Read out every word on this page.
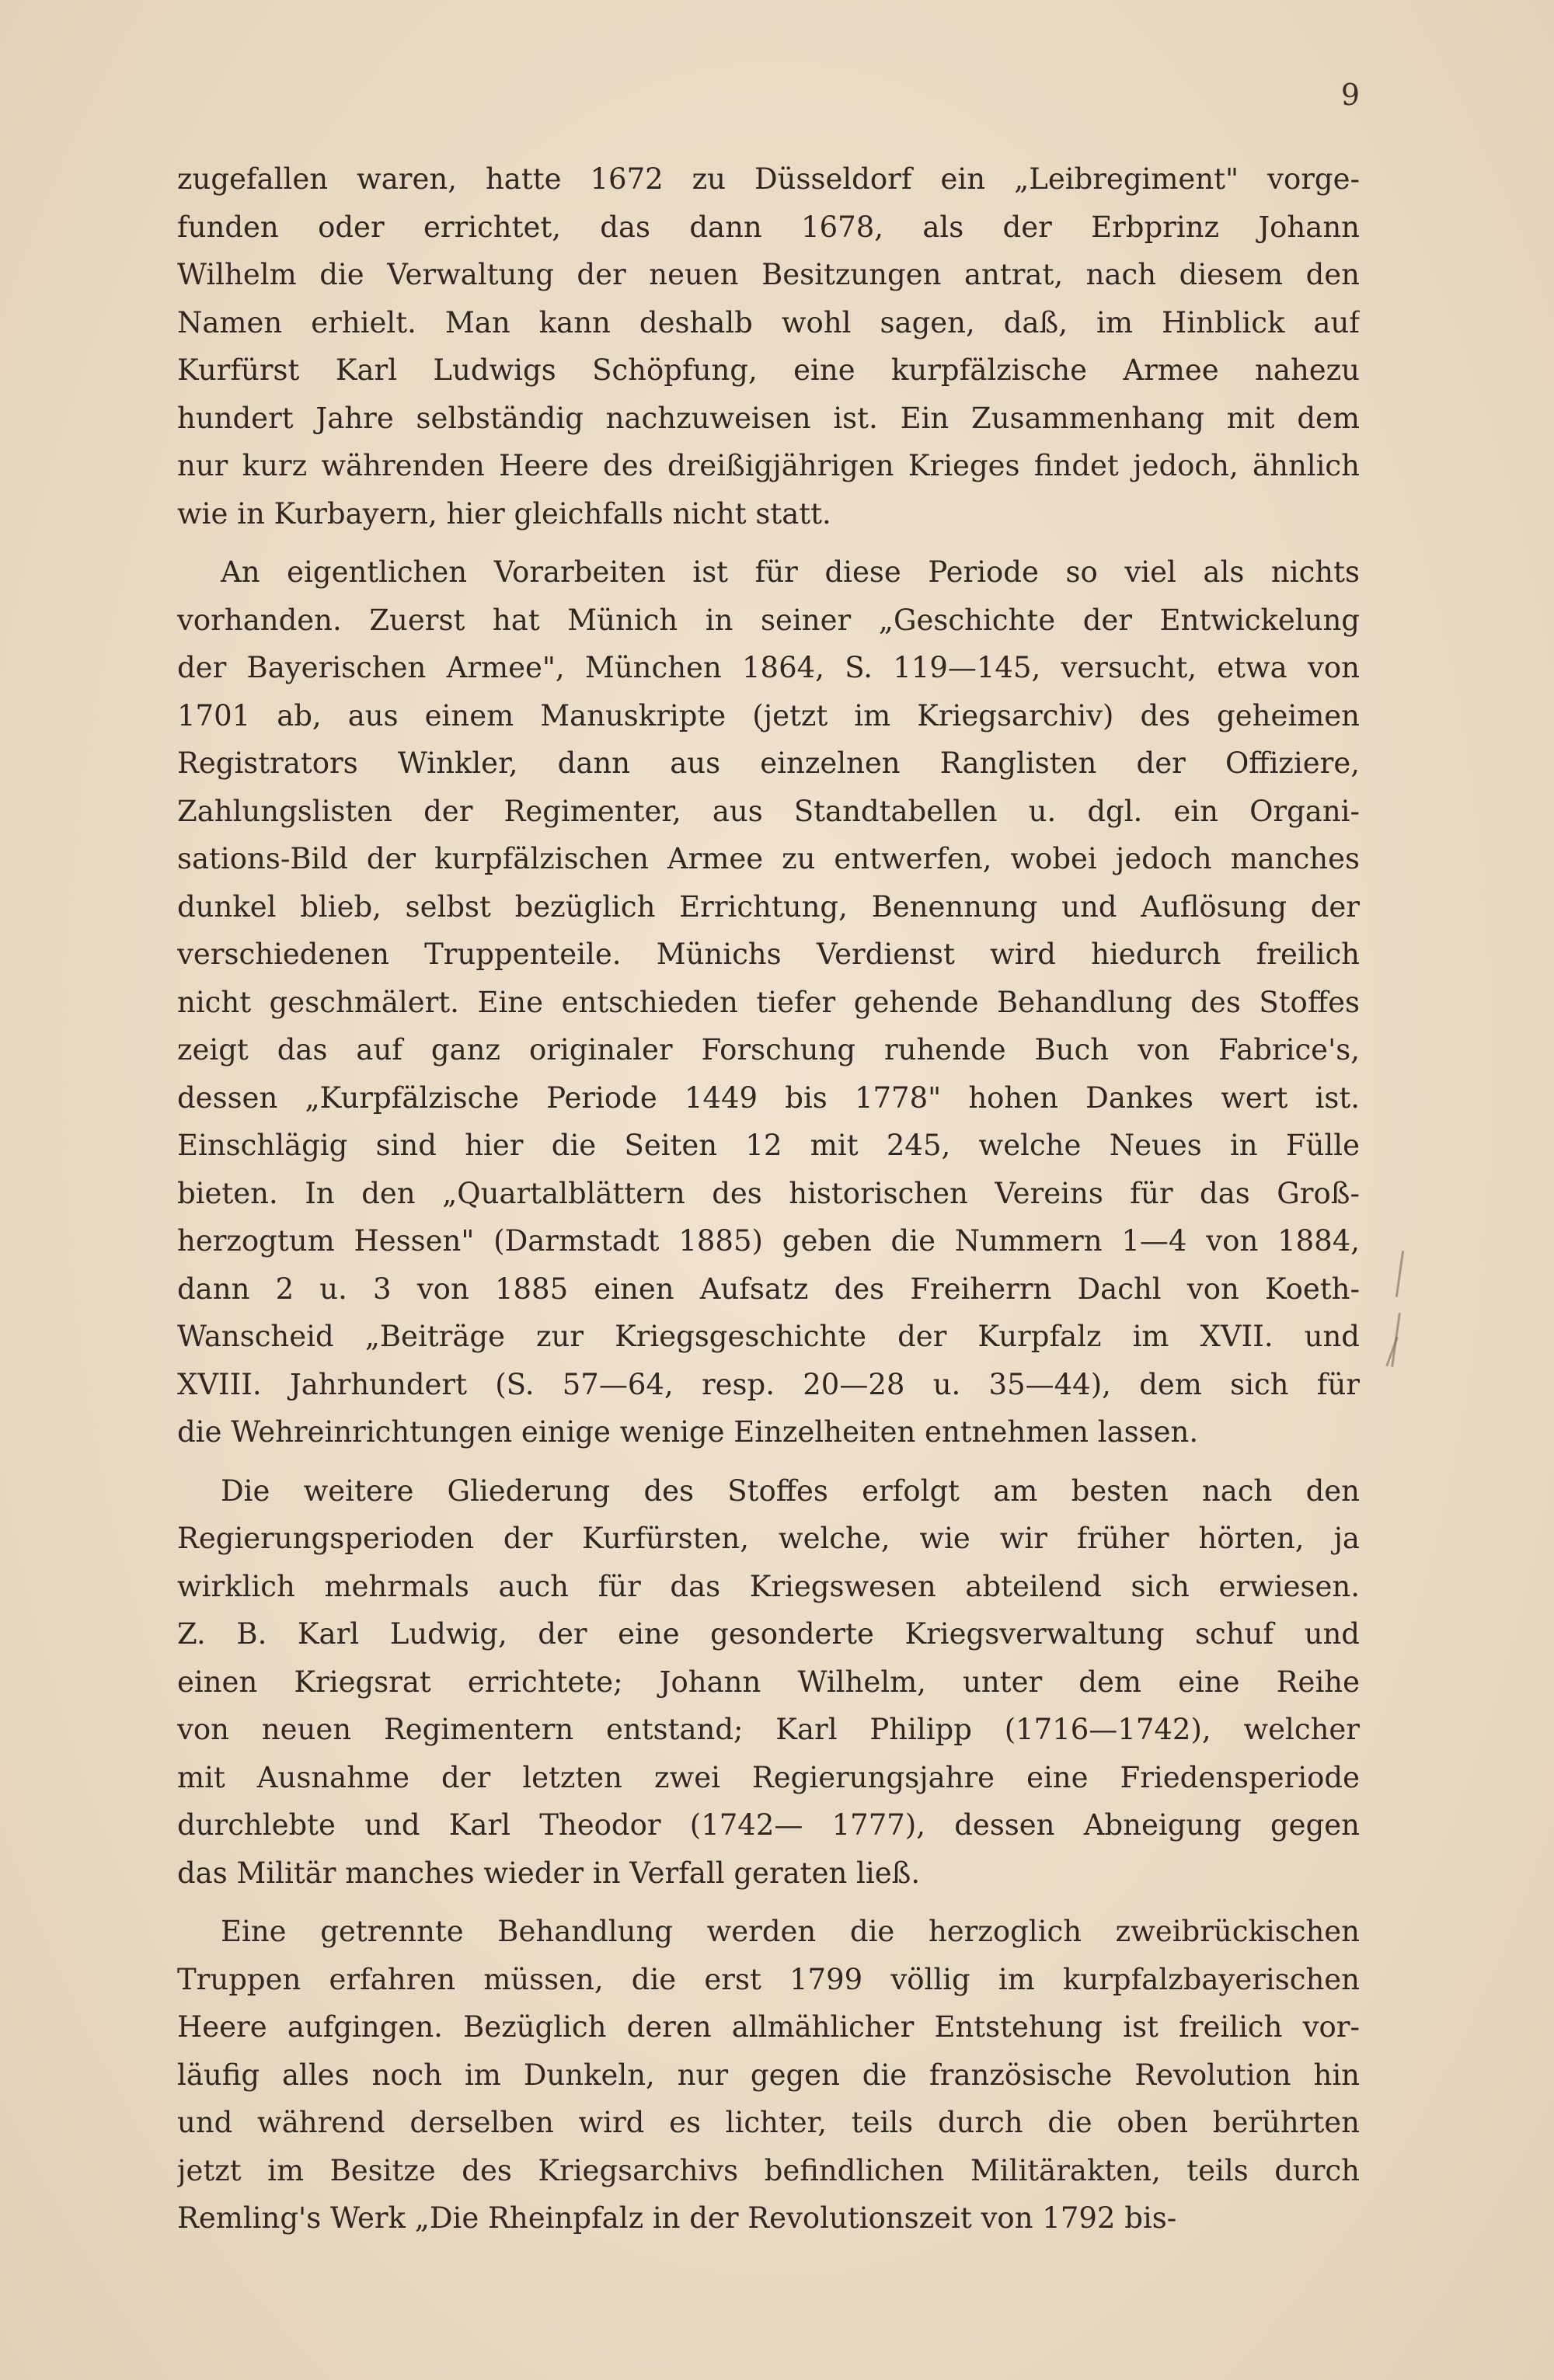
9
zugefallen waren, hatte 1672 zu Düsseldorf ein „Leibregiment" vorge-
funden oder errichtet, das dann 1678, als der Erbprinz Johann
Wilhelm die Verwaltung der neuen Besitzungen antrat, nach diesem den
Namen erhielt. Man kann deshalb wohl sagen, daß, im Hinblick auf
Kurfürst Karl Ludwigs Schöpfung, eine kurpfälzische Armee nahezu
hundert Jahre selbständig nachzuweisen ist. Ein Zusammenhang mit dem
nur kurz währenden Heere des dreißigjährigen Krieges findet jedoch, ähnlich
wie in Kurbayern, hier gleichfalls nicht statt.
An eigentlichen Vorarbeiten ist für diese Periode so viel als nichts
vorhanden. Zuerst hat Münich in seiner „Geschichte der Entwickelung
der Bayerischen Armee", München 1864, S. 119—145, versucht, etwa von
1701 ab, aus einem Manuskripte (jetzt im Kriegsarchiv) des geheimen
Registrators Winkler, dann aus einzelnen Ranglisten der Offiziere,
Zahlungslisten der Regimenter, aus Standtabellen u. dgl. ein Organi-
sations-Bild der kurpfälzischen Armee zu entwerfen, wobei jedoch manches
dunkel blieb, selbst bezüglich Errichtung, Benennung und Auflösung der
verschiedenen Truppenteile. Münichs Verdienst wird hiedurch freilich
nicht geschmälert. Eine entschieden tiefer gehende Behandlung des Stoffes
zeigt das auf ganz originaler Forschung ruhende Buch von Fabrice's,
dessen „Kurpfälzische Periode 1449 bis 1778" hohen Dankes wert ist.
Einschlägig sind hier die Seiten 12 mit 245, welche Neues in Fülle
bieten. In den „Quartalblättern des historischen Vereins für das Groß-
herzogtum Hessen" (Darmstadt 1885) geben die Nummern 1—4 von 1884,
dann 2 u. 3 von 1885 einen Aufsatz des Freiherrn Dachl von Koeth-
Wanscheid „Beiträge zur Kriegsgeschichte der Kurpfalz im XVII. und
XVIII. Jahrhundert (S. 57—64, resp. 20—28 u. 35—44), dem sich für
die Wehreinrichtungen einige wenige Einzelheiten entnehmen lassen.
Die weitere Gliederung des Stoffes erfolgt am besten nach den
Regierungsperioden der Kurfürsten, welche, wie wir früher hörten, ja
wirklich mehrmals auch für das Kriegswesen abteilend sich erwiesen.
Z. B. Karl Ludwig, der eine gesonderte Kriegsverwaltung schuf und
einen Kriegsrat errichtete; Johann Wilhelm, unter dem eine Reihe
von neuen Regimentern entstand; Karl Philipp (1716—1742), welcher
mit Ausnahme der letzten zwei Regierungsjahre eine Friedensperiode
durchlebte und Karl Theodor (1742— 1777), dessen Abneigung gegen
das Militär manches wieder in Verfall geraten ließ.
Eine getrennte Behandlung werden die herzoglich zweibrückischen
Truppen erfahren müssen, die erst 1799 völlig im kurpfalzbayerischen
Heere aufgingen. Bezüglich deren allmählicher Entstehung ist freilich vor-
läufig alles noch im Dunkeln, nur gegen die französische Revolution hin
und während derselben wird es lichter, teils durch die oben berührten
jetzt im Besitze des Kriegsarchivs befindlichen Militärakten, teils durch
Remling's Werk „Die Rheinpfalz in der Revolutionszeit von 1792 bis-
